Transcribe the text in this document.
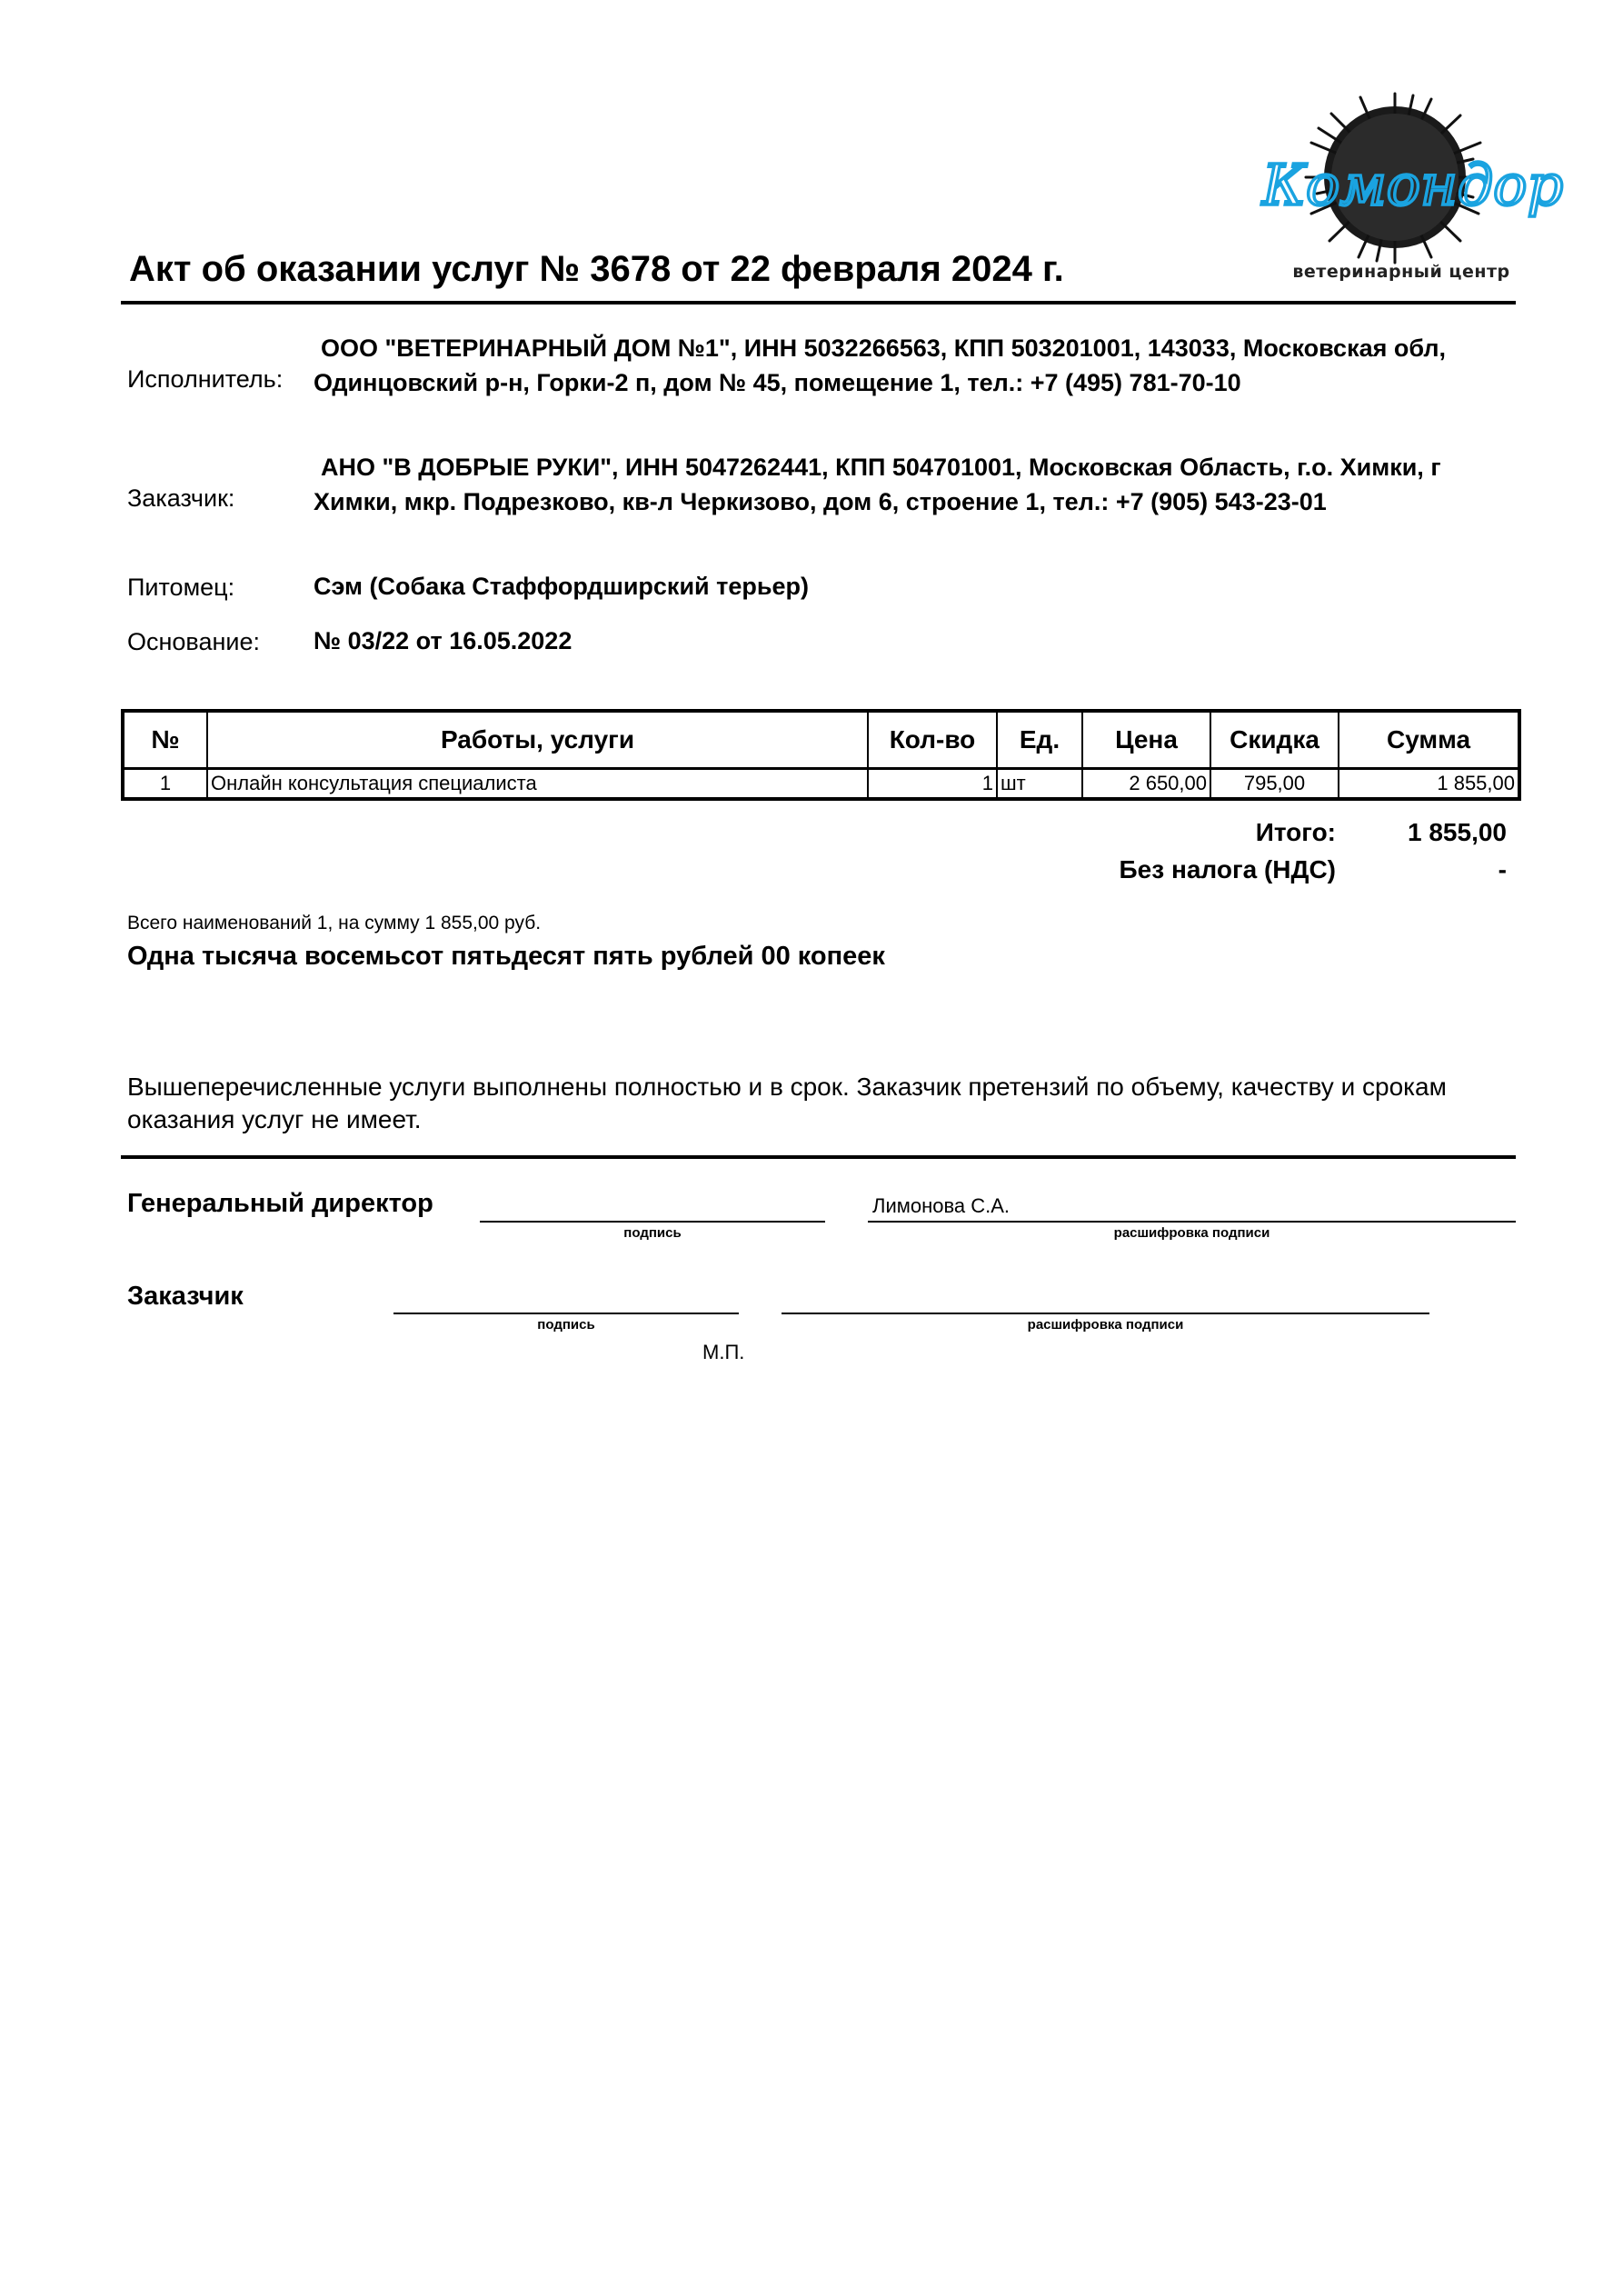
Комондор
ветеринарный центр
Акт об оказании услуг № 3678 от 22 февраля 2024 г.
Исполнитель:
ООО "ВЕТЕРИНАРНЫЙ ДОМ №1", ИНН 5032266563, КПП 503201001, 143033, Московская обл, Одинцовский р-н, Горки-2 п, дом № 45, помещение 1, тел.: +7 (495) 781-70-10
Заказчик:
АНО "В ДОБРЫЕ РУКИ", ИНН 5047262441, КПП 504701001, Московская Область, г.о. Химки, г Химки, мкр. Подрезково, кв-л Черкизово, дом 6, строение 1, тел.: +7 (905) 543-23-01
Питомец:	Сэм (Собака Стаффордширский терьер)
Основание: № 03/22 от 16.05.2022
№	Работы, услуги	Кол-во	Ед.	Цена	Скидка	Сумма
1	Онлайн консультация специалиста	1	шт	2 650,00	795,00	1 855,00
Итого:	1 855,00
Без налога (НДС)	-
Всего наименований 1, на сумму 1 855,00 руб.
Одна тысяча восемьсот пятьдесят пять рублей 00 копеек
Вышеперечисленные услуги выполнены полностью и в срок. Заказчик претензий по объему, качеству и срокам оказания услуг не имеет.
Генеральный директор
подпись
Лимонова С.А.
расшифровка подписи
Заказчик
подпись	расшифровка подписи
М.П.
